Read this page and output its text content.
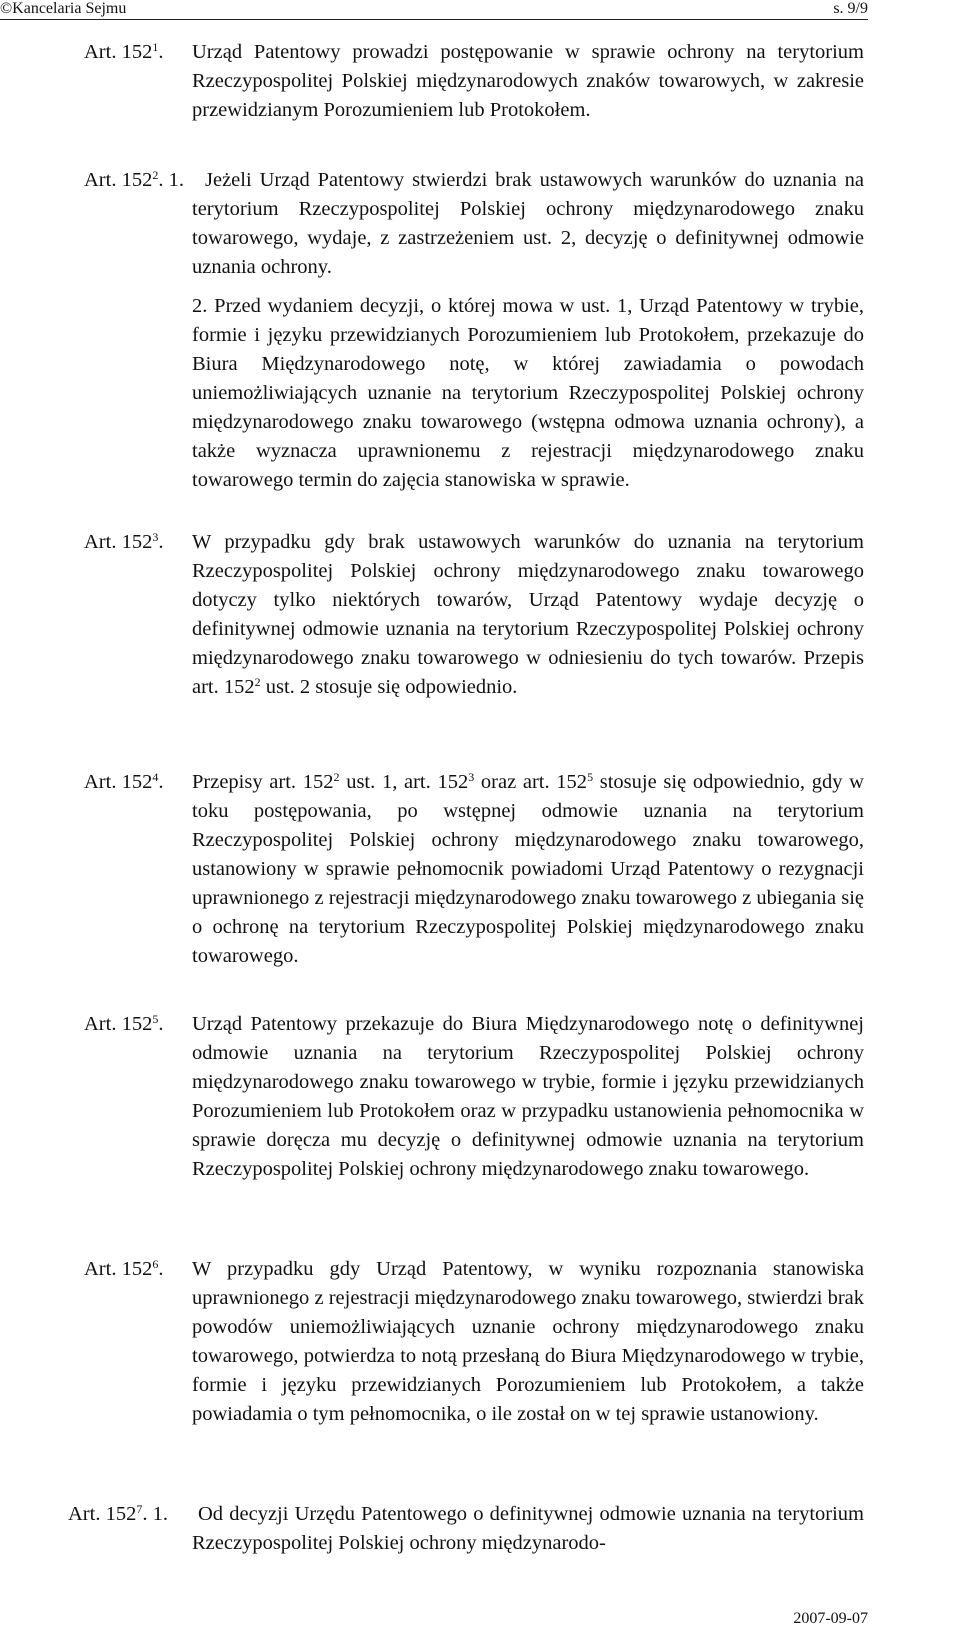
©Kancelaria Sejmu	s. 9/9
Art. $152^1$. Urząd Patentowy prowadzi postępowanie w sprawie ochrony na terytorium Rzeczypospolitej Polskiej międzynarodowych znaków towarowych, w zakresie przewidzianym Porozumieniem lub Protokołem.
Art. $152^2$. 1.	Jeżeli Urząd Patentowy stwierdzi brak ustawowych warunków do uznania na terytorium Rzeczypospolitej Polskiej ochrony międzynarodowego znaku towarowego, wydaje, z zastrzeżeniem ust. 2, decyzję o definitywnej odmowie uznania ochrony.
2. Przed wydaniem decyzji, o której mowa w ust. 1, Urząd Patentowy w trybie, formie i języku przewidzianych Porozumieniem lub Protokołem, przekazuje do Biura Międzynarodowego notę, w której zawiadamia o powodach uniemożliwiających uznanie na terytorium Rzeczypospolitej Polskiej ochrony międzynarodowego znaku towarowego (wstępna odmowa uznania ochrony), a także wyznacza uprawnionemu z rejestracji międzynarodowego znaku towarowego termin do zajęcia stanowiska w sprawie.
Art. $152^3$. W przypadku gdy brak ustawowych warunków do uznania na terytorium Rzeczypospolitej Polskiej ochrony międzynarodowego znaku towarowego dotyczy tylko niektórych towarów, Urząd Patentowy wydaje decyzję o definitywnej odmowie uznania na terytorium Rzeczypospolitej Polskiej ochrony międzynarodowego znaku towarowego w odniesieniu do tych towarów. Przepis art. $152^2$ ust. 2 stosuje się odpowiednio.
Art. $152^4$. Przepisy art. $152^2$ ust. 1, art. $152^3$ oraz art. $152^5$ stosuje się odpowiednio, gdy w toku postępowania, po wstępnej odmowie uznania na terytorium Rzeczypospolitej Polskiej ochrony międzynarodowego znaku towarowego, ustanowiony w sprawie pełnomocnik powiadomi Urząd Patentowy o rezygnacji uprawnionego z rejestracji międzynarodowego znaku towarowego z ubiegania się o ochronę na terytorium Rzeczypospolitej Polskiej międzynarodowego znaku towarowego.
Art. $152^5$. Urząd Patentowy przekazuje do Biura Międzynarodowego notę o definitywnej odmowie uznania na terytorium Rzeczypospolitej Polskiej ochrony międzynarodowego znaku towarowego w trybie, formie i języku przewidzianych Porozumieniem lub Protokołem oraz w przypadku ustanowienia pełnomocnika w sprawie doręcza mu decyzję o definitywnej odmowie uznania na terytorium Rzeczypospolitej Polskiej ochrony międzynarodowego znaku towarowego.
Art. $152^6$. W przypadku gdy Urząd Patentowy, w wyniku rozpoznania stanowiska uprawnionego z rejestracji międzynarodowego znaku towarowego, stwierdzi brak powodów uniemożliwiających uznanie ochrony międzynarodowego znaku towarowego, potwierdza to notą przesłaną do Biura Międzynarodowego w trybie, formie i języku przewidzianych Porozumieniem lub Protokołem, a także powiadamia o tym pełnomocnika, o ile został on w tej sprawie ustanowiony.
Art. $152^7$. 1. Od decyzji Urzędu Patentowego o definitywnej odmowie uznania na terytorium Rzeczypospolitej Polskiej ochrony międzynarodo-
2007-09-07
